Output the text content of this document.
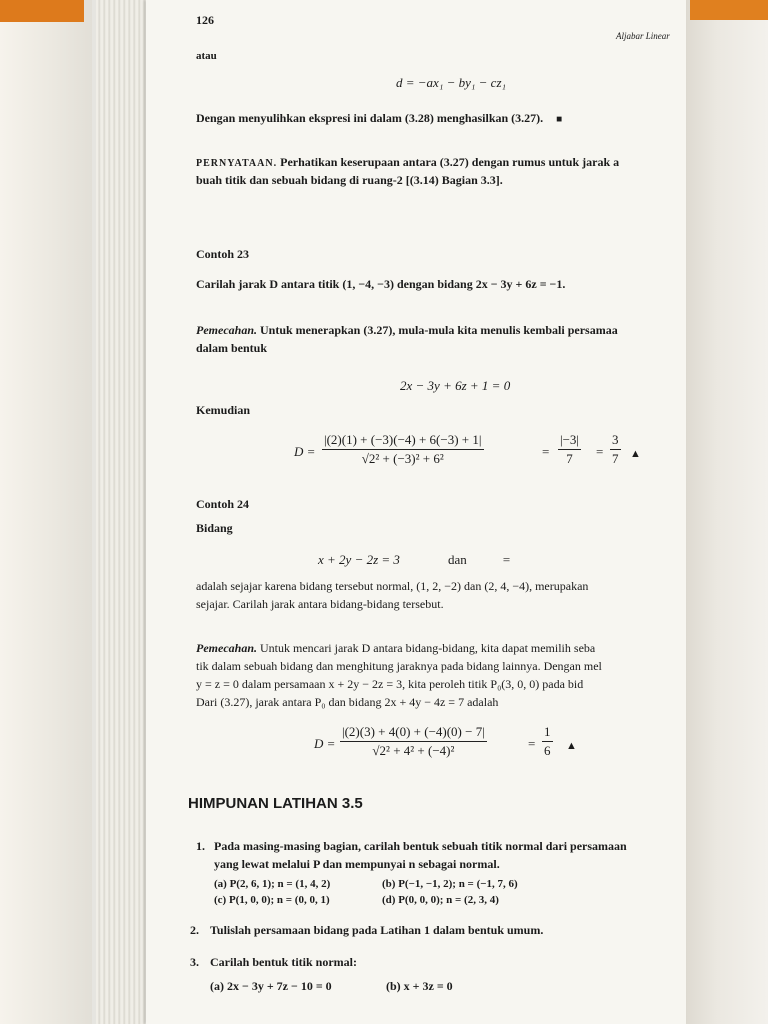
126
Aljabar Linear
atau
d = −ax₁ − by₁ − cz₁
Dengan menyulihkan ekspresi ini dalam (3.28) menghasilkan (3.27). ■
PERNYATAAN. Perhatikan keserupaan antara (3.27) dengan rumus untuk jarak a
buah titik dan sebuah bidang di ruang-2 [(3.14) Bagian 3.3].
Contoh 23
Carilah jarak D antara titik (1, −4, −3) dengan bidang 2x − 3y + 6z = −1.
Pemecahan. Untuk menerapkan (3.27), mula-mula kita menulis kembali persamaa
dalam bentuk
2x − 3y + 6z + 1 = 0
Kemudian
D =
|(2)(1) + (−3)(−4) + 6(−3) + 1|
√2² + (−3)² + 6²	=
|−3|
7 =
3
7 ▲
Contoh 24
Bidang
x + 2y − 2z = 3	dan	=
adalah sejajar karena bidang tersebut normal, (1, 2, −2) dan (2, 4, −4), merupakan
sejajar. Carilah jarak antara bidang-bidang tersebut.
Pemecahan. Untuk mencari jarak D antara bidang-bidang, kita dapat memilih seba
tik dalam sebuah bidang dan menghitung jaraknya pada bidang lainnya. Dengan mel
y = z = 0 dalam persamaan x + 2y − 2z = 3, kita peroleh titik P₀(3, 0, 0) pada bid
Dari (3.27), jarak antara P₀ dan bidang 2x + 4y − 4z = 7 adalah
D =
|(2)(3) + 4(0) + (−4)(0) − 7|
√2² + 4² + (−4)²	=
1
6 ▲
HIMPUNAN LATIHAN 3.5
1. Pada masing-masing bagian, carilah bentuk sebuah titik normal dari persamaan
yang lewat melalui P dan mempunyai n sebagai normal.
(a) P(2, 6, 1); n = (1, 4, 2)	(b) P(−1, −1, 2); n = (−1, 7, 6)
(c) P(1, 0, 0); n = (0, 0, 1)	(d) P(0, 0, 0); n = (2, 3, 4)
2. Tulislah persamaan bidang pada Latihan 1 dalam bentuk umum.
3. Carilah bentuk titik normal:
(a) 2x − 3y + 7z − 10 = 0	(b) x + 3z = 0
